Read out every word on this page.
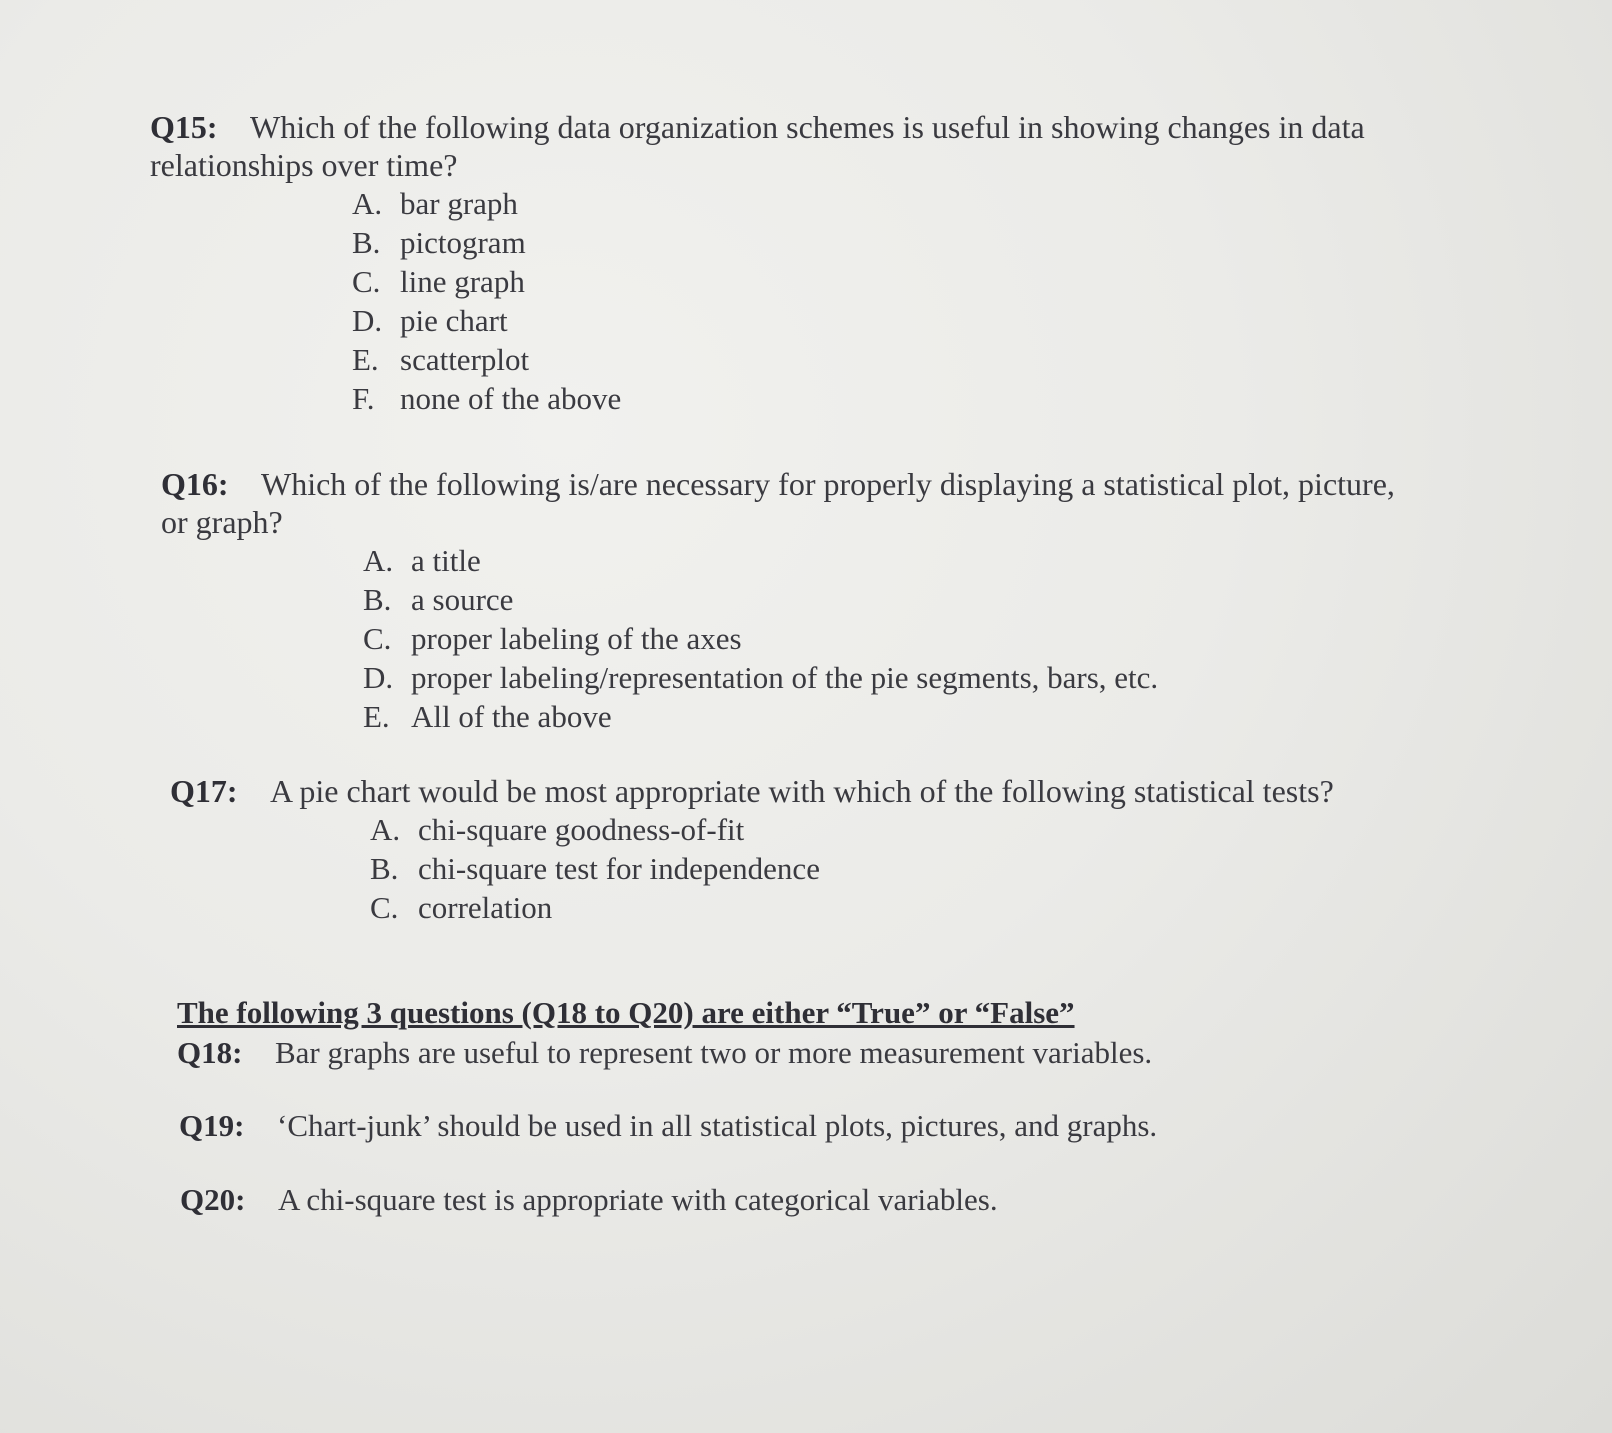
Q15: Which of the following data organization schemes is useful in showing changes in data
relationships over time?
A. bar graph
B. pictogram
C. line graph
D. pie chart
E. scatterplot
F. none of the above
Q16: Which of the following is/are necessary for properly displaying a statistical plot, picture,
or graph?
A. a title
B. a source
C. proper labeling of the axes
D. proper labeling/representation of the pie segments, bars, etc.
E. All of the above
Q17: A pie chart would be most appropriate with which of the following statistical tests?
A. chi-square goodness-of-fit
B. chi-square test for independence
C. correlation
The following 3 questions (Q18 to Q20) are either “True” or “False”
Q18: Bar graphs are useful to represent two or more measurement variables.
Q19: ‘Chart-junk’ should be used in all statistical plots, pictures, and graphs.
Q20: A chi-square test is appropriate with categorical variables.
